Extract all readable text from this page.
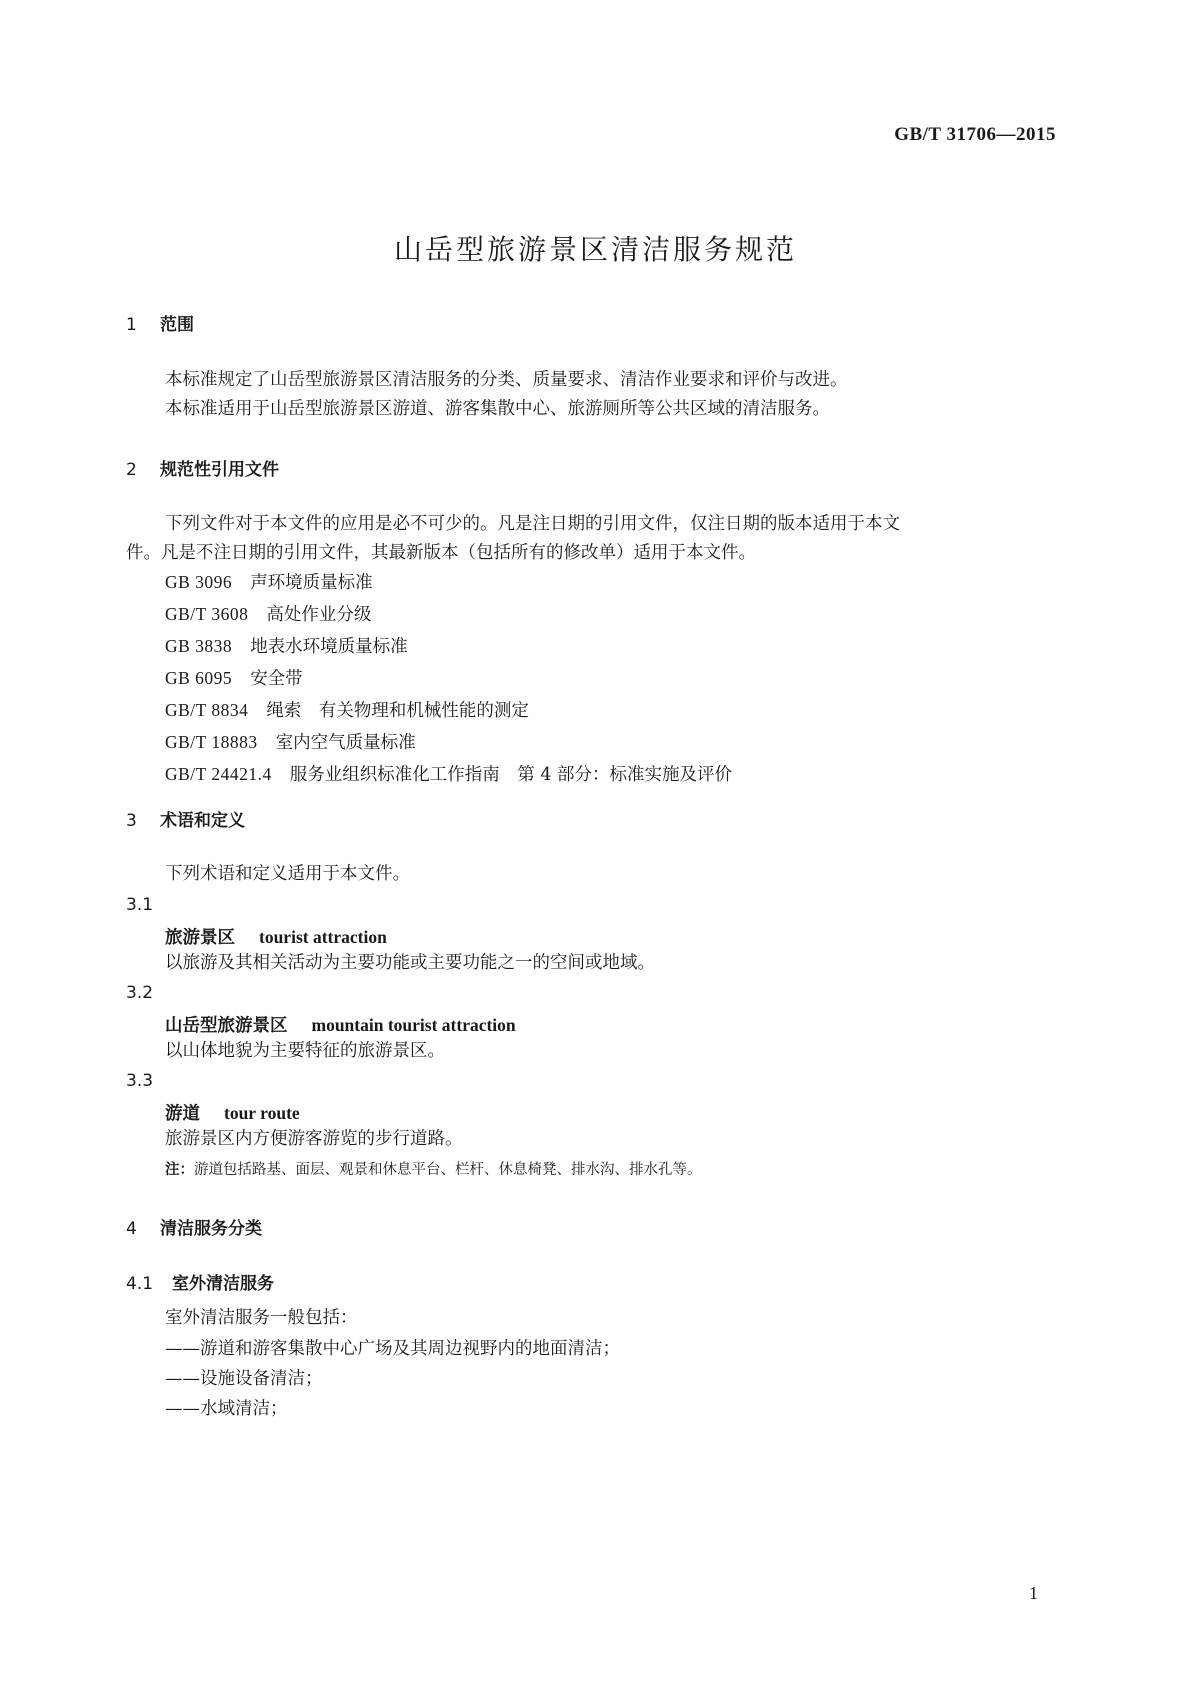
GB/T 31706—2015
山岳型旅游景区清洁服务规范
1 范围
本标准规定了山岳型旅游景区清洁服务的分类、质量要求、清洁作业要求和评价与改进。
本标准适用于山岳型旅游景区游道、游客集散中心、旅游厕所等公共区域的清洁服务。
2 规范性引用文件
下列文件对于本文件的应用是必不可少的。凡是注日期的引用文件，仅注日期的版本适用于本文
件。凡是不注日期的引用文件，其最新版本（包括所有的修改单）适用于本文件。
GB 3096 声环境质量标准
GB/T 3608 高处作业分级
GB 3838 地表水环境质量标准
GB 6095 安全带
GB/T 8834 绳索　有关物理和机械性能的测定
GB/T 18883 室内空气质量标准
GB/T 24421.4 服务业组织标准化工作指南　第 4 部分：标准实施及评价
3 术语和定义
下列术语和定义适用于本文件。
3.1
旅游景区 tourist attraction
以旅游及其相关活动为主要功能或主要功能之一的空间或地域。
3.2
山岳型旅游景区 mountain tourist attraction
以山体地貌为主要特征的旅游景区。
3.3
游道 tour route
旅游景区内方便游客游览的步行道路。
注：游道包括路基、面层、观景和休息平台、栏杆、休息椅凳、排水沟、排水孔等。
4 清洁服务分类
4.1 室外清洁服务
室外清洁服务一般包括：
——游道和游客集散中心广场及其周边视野内的地面清洁；
——设施设备清洁；
——水域清洁；
1
